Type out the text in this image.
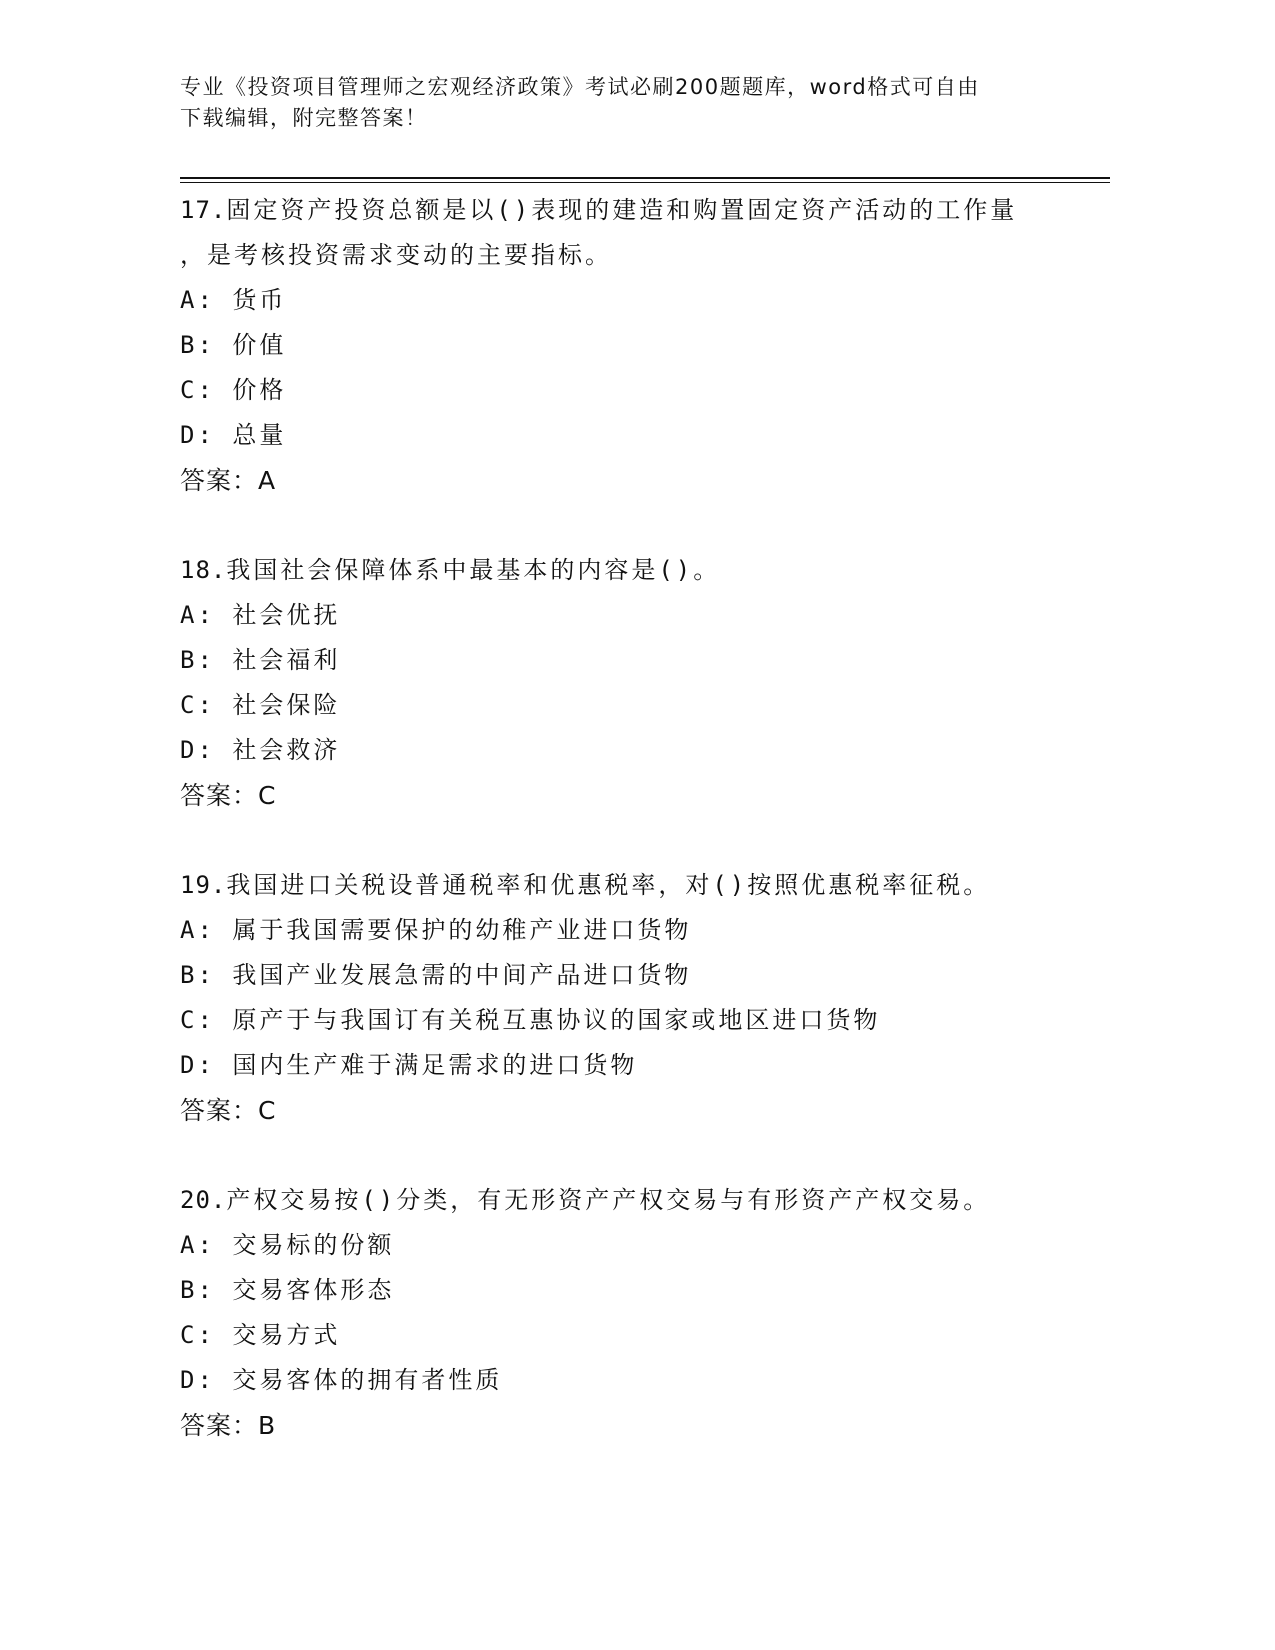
专业《投资项目管理师之宏观经济政策》考试必刷200题题库，word格式可自由
下载编辑，附完整答案！
17.固定资产投资总额是以()表现的建造和购置固定资产活动的工作量
，是考核投资需求变动的主要指标。
A: 货币
B: 价值
C: 价格
D: 总量
答案：A
18.我国社会保障体系中最基本的内容是()。
A: 社会优抚
B: 社会福利
C: 社会保险
D: 社会救济
答案：C
19.我国进口关税设普通税率和优惠税率，对()按照优惠税率征税。
A: 属于我国需要保护的幼稚产业进口货物
B: 我国产业发展急需的中间产品进口货物
C: 原产于与我国订有关税互惠协议的国家或地区进口货物
D: 国内生产难于满足需求的进口货物
答案：C
20.产权交易按()分类，有无形资产产权交易与有形资产产权交易。
A: 交易标的份额
B: 交易客体形态
C: 交易方式
D: 交易客体的拥有者性质
答案：B
